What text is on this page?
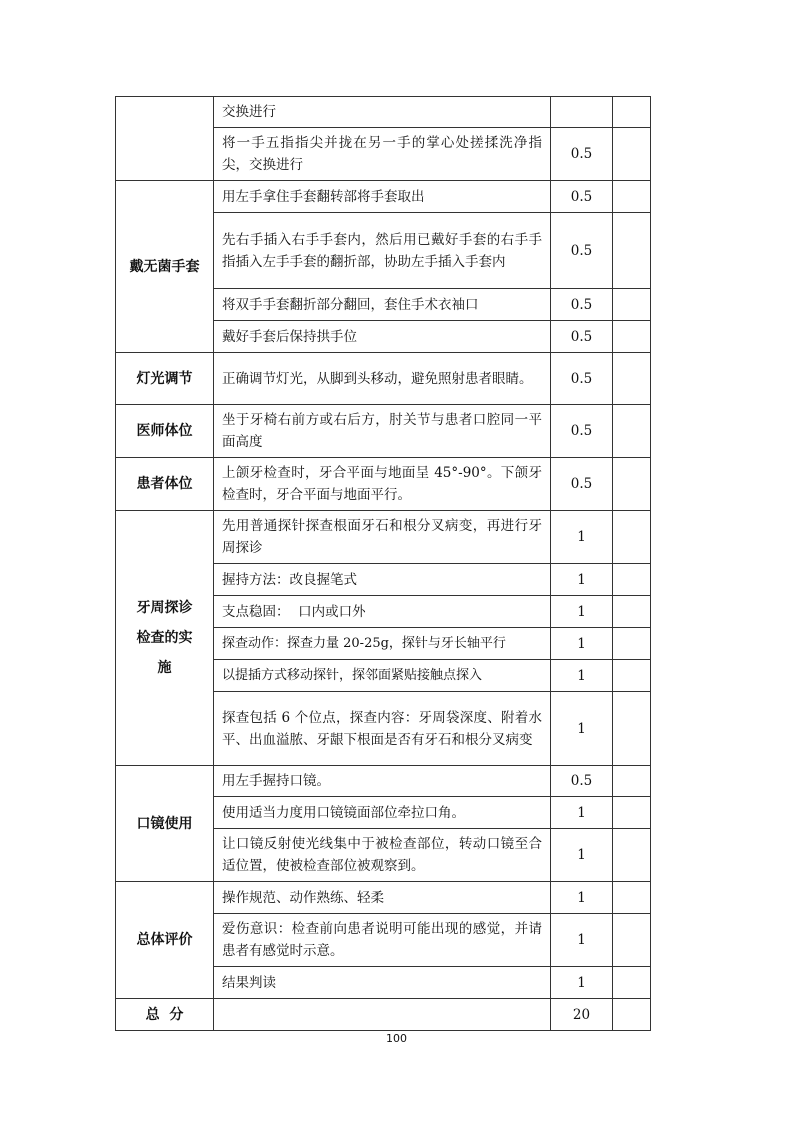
	交换进行		
	将一手五指指尖并拢在另一手的掌心处搓揉洗净指尖，交换进行	0.5	
戴无菌手套	用左手拿住手套翻转部将手套取出	0.5	
	先右手插入右手手套内，然后用已戴好手套的右手手指插入左手手套的翻折部，协助左手插入手套内	0.5	
	将双手手套翻折部分翻回，套住手术衣袖口	0.5	
	戴好手套后保持拱手位	0.5	
灯光调节	正确调节灯光，从脚到头移动，避免照射患者眼睛。	0.5	
医师体位	坐于牙椅右前方或右后方，肘关节与患者口腔同一平面高度	0.5	
患者体位	上颌牙检查时，牙合平面与地面呈 45°-90°。下颌牙检查时，牙合平面与地面平行。	0.5	
牙周探诊检查的实施	先用普通探针探查根面牙石和根分叉病变，再进行牙周探诊	1	
	握持方法：改良握笔式	1	
	支点稳固：  口内或口外	1	
	探查动作：探查力量 20-25g，探针与牙长轴平行	1	
	以提插方式移动探针，探邻面紧贴接触点探入	1	
	探查包括 6 个位点，探查内容：牙周袋深度、附着水平、出血溢脓、牙龈下根面是否有牙石和根分叉病变	1	
口镜使用	用左手握持口镜。	0.5	
	使用适当力度用口镜镜面部位牵拉口角。	1	
	让口镜反射使光线集中于被检查部位，转动口镜至合适位置，使被检查部位被观察到。	1	
总体评价	操作规范、动作熟练、轻柔	1	
	爱伤意识：检查前向患者说明可能出现的感觉，并请患者有感觉时示意。	1	
	结果判读	1	
总  分		20	
100
